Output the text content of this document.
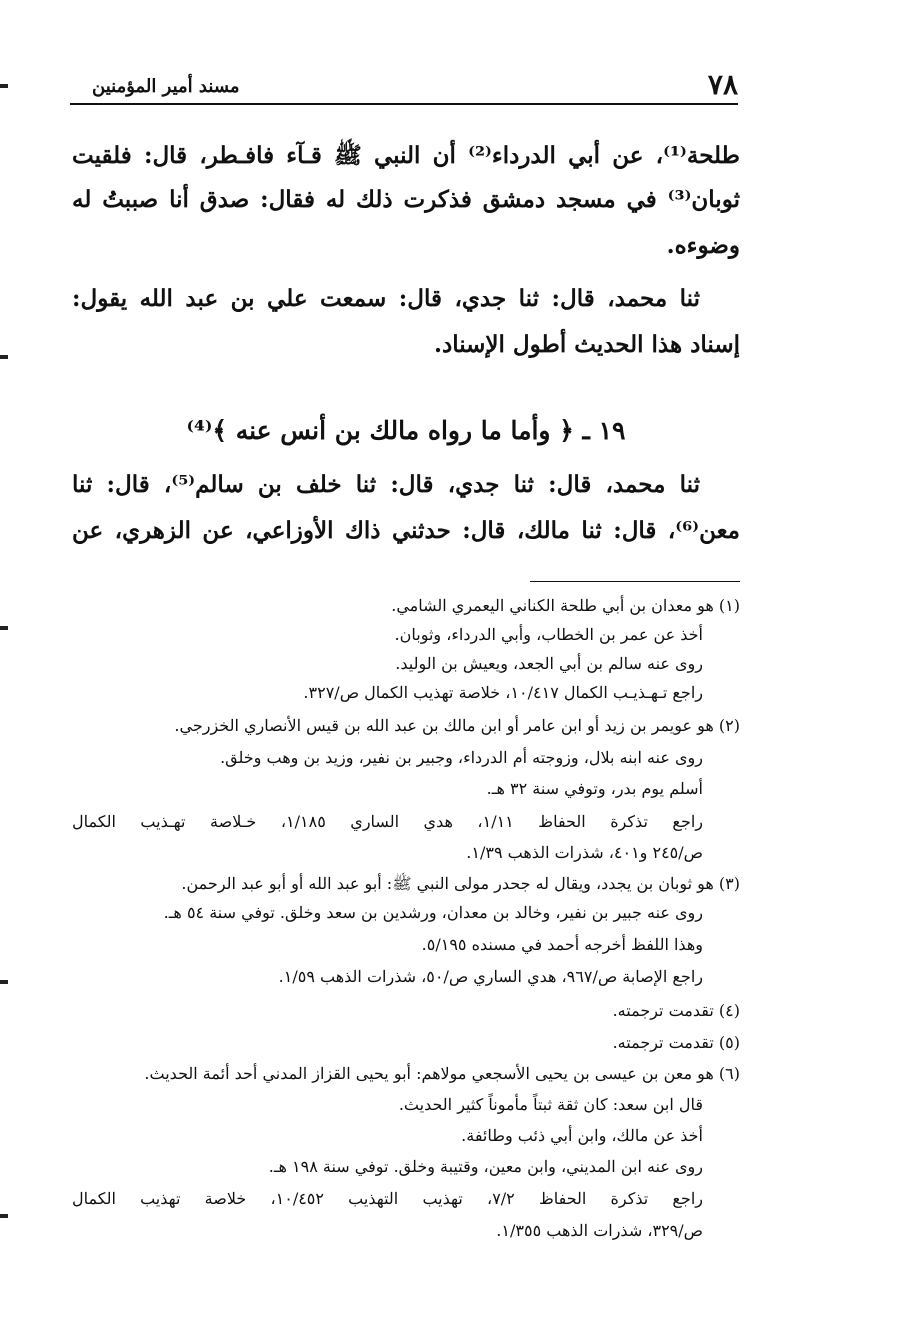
٧٨
مسند أمير المؤمنين
طلحة⁽¹⁾، عن أبي الدرداء⁽²⁾ أن النبي ﷺ قـآء فافـطر، قال: فلقيت
ثوبان⁽³⁾ في مسجد دمشق فذكرت ذلك له فقال: صدق أنا صببتُ له
وضوءه.
ثنا محمد، قال: ثنا جدي، قال: سمعت علي بن عبد الله يقول:
إسناد هذا الحديث أطول الإسناد.
١٩ ـ ﴿ وأما ما رواه مالك بن أنس عنه ﴾⁽⁴⁾
ثنا محمد، قال: ثنا جدي، قال: ثنا خلف بن سالم⁽⁵⁾، قال: ثنا
معن⁽⁶⁾، قال: ثنا مالك، قال: حدثني ذاك الأوزاعي، عن الزهري، عن
(١) هو معدان بن أبي طلحة الكناني اليعمري الشامي.
أخذ عن عمر بن الخطاب، وأبي الدرداء، وثوبان.
روى عنه سالم بن أبي الجعد، ويعيش بن الوليد.
راجع تـهـذيـب الكمال ١٠/٤١٧، خلاصة تهذيب الكمال ص/٣٢٧.
(٢) هو عويمر بن زيد أو ابن عامر أو ابن مالك بن عبد الله بن قيس الأنصاري الخزرجي.
روى عنه ابنه بلال، وزوجته أم الدرداء، وجبير بن نفير، وزيد بن وهب وخلق.
أسلم يوم بدر، وتوفي سنة ٣٢ هـ.
راجع تذكرة الحفاظ ١/١١، هدي الساري ١/١٨٥، خـلاصة تهـذيب الكمال
ص/٢٤٥ و٤٠١، شذرات الذهب ١/٣٩.
(٣) هو ثوبان بن يجدد، ويقال له جحدر مولى النبي ﷺ: أبو عبد الله أو أبو عبد الرحمن.
روى عنه جبير بن نفير، وخالد بن معدان، ورشدين بن سعد وخلق. توفي سنة ٥٤ هـ.
وهذا اللفظ أخرجه أحمد في مسنده ٥/١٩٥.
راجع الإصابة ص/٩٦٧، هدي الساري ص/٥٠، شذرات الذهب ١/٥٩.
(٤) تقدمت ترجمته.
(٥) تقدمت ترجمته.
(٦) هو معن بن عيسى بن يحيى الأسجعي مولاهم: أبو يحيى القزاز المدني أحد أئمة الحديث.
قال ابن سعد: كان ثقة ثبتاً مأموناً كثير الحديث.
أخذ عن مالك، وابن أبي ذئب وطائفة.
روى عنه ابن المديني، وابن معين، وقتيبة وخلق. توفي سنة ١٩٨ هـ.
راجع تذكرة الحفاظ ٧/٢، تهذيب التهذيب ١٠/٤٥٢، خلاصة تهذيب الكمال
ص/٣٢٩، شذرات الذهب ١/٣٥٥.
